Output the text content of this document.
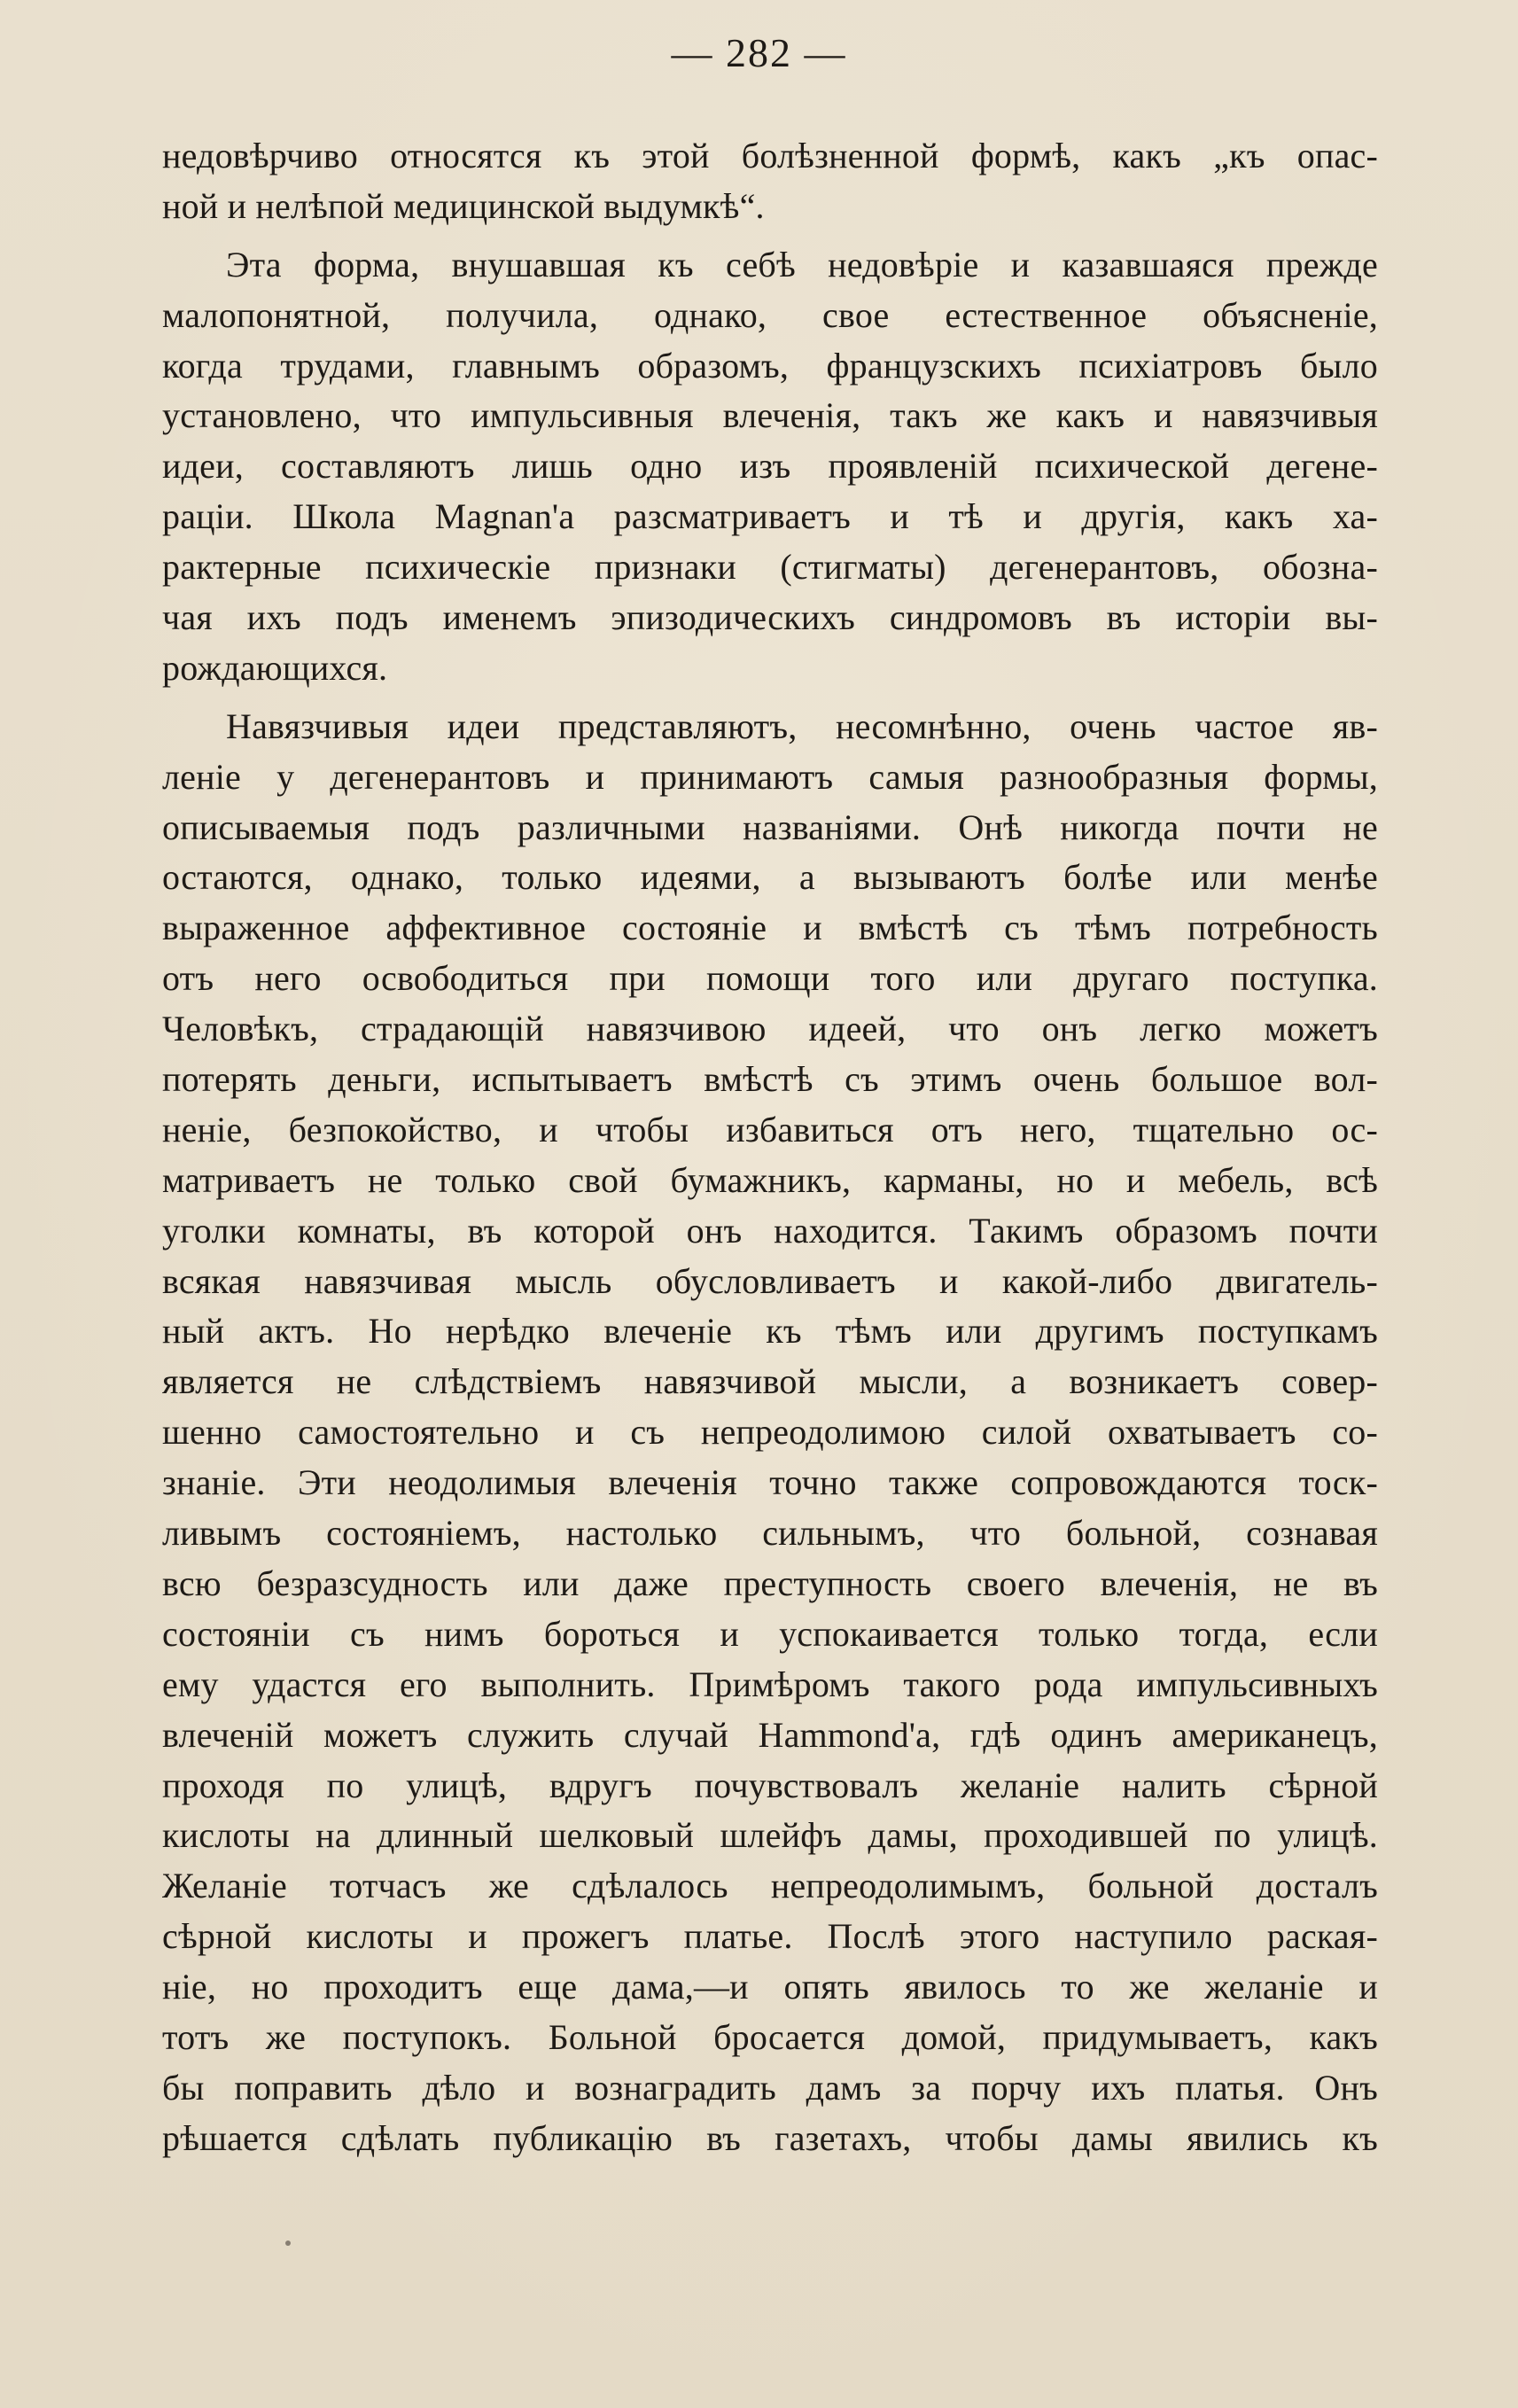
— 282 —
недовѣрчиво относятся къ этой болѣзненной формѣ, какъ „къ опас-
ной и нелѣпой медицинской выдумкѣ“.
Эта форма, внушавшая къ себѣ недовѣріе и казавшаяся прежде
малопонятной, получила, однако, свое естественное объясненіе,
когда трудами, главнымъ образомъ, французскихъ психіатровъ было
установлено, что импульсивныя влеченія, такъ же какъ и навязчивыя
идеи, составляютъ лишь одно изъ проявленій психической дегене-
раціи. Школа Magnan'а разсматриваетъ и тѣ и другія, какъ ха-
рактерные психическіе признаки (стигматы) дегенерантовъ, обозна-
чая ихъ подъ именемъ эпизодическихъ синдромовъ въ исторіи вы-
рождающихся.
Навязчивыя идеи представляютъ, несомнѣнно, очень частое яв-
леніе у дегенерантовъ и принимаютъ самыя разнообразныя формы,
описываемыя подъ различными названіями. Онѣ никогда почти не
остаются, однако, только идеями, а вызываютъ болѣе или менѣе
выраженное аффективное состояніе и вмѣстѣ съ тѣмъ потребность
отъ него освободиться при помощи того или другаго поступка.
Человѣкъ, страдающій навязчивою идеей, что онъ легко можетъ
потерять деньги, испытываетъ вмѣстѣ съ этимъ очень большое вол-
неніе, безпокойство, и чтобы избавиться отъ него, тщательно ос-
матриваетъ не только свой бумажникъ, карманы, но и мебель, всѣ
уголки комнаты, въ которой онъ находится. Такимъ образомъ почти
всякая навязчивая мысль обусловливаетъ и какой-либо двигатель-
ный актъ. Но нерѣдко влеченіе къ тѣмъ или другимъ поступкамъ
является не слѣдствіемъ навязчивой мысли, а возникаетъ совер-
шенно самостоятельно и съ непреодолимою силой охватываетъ со-
знаніе. Эти неодолимыя влеченія точно также сопровождаются тоск-
ливымъ состояніемъ, настолько сильнымъ, что больной, сознавая
всю безразсудность или даже преступность своего влеченія, не въ
состояніи съ нимъ бороться и успокаивается только тогда, если
ему удастся его выполнить. Примѣромъ такого рода импульсивныхъ
влеченій можетъ служить случай Hammond'а, гдѣ одинъ американецъ,
проходя по улицѣ, вдругъ почувствовалъ желаніе налить сѣрной
кислоты на длинный шелковый шлейфъ дамы, проходившей по улицѣ.
Желаніе тотчасъ же сдѣлалось непреодолимымъ, больной досталъ
сѣрной кислоты и прожегъ платье. Послѣ этого наступило раская-
ніе, но проходитъ еще дама,—и опять явилось то же желаніе и
тотъ же поступокъ. Больной бросается домой, придумываетъ, какъ
бы поправить дѣло и вознаградить дамъ за порчу ихъ платья. Онъ
рѣшается сдѣлать публикацію въ газетахъ, чтобы дамы явились къ
